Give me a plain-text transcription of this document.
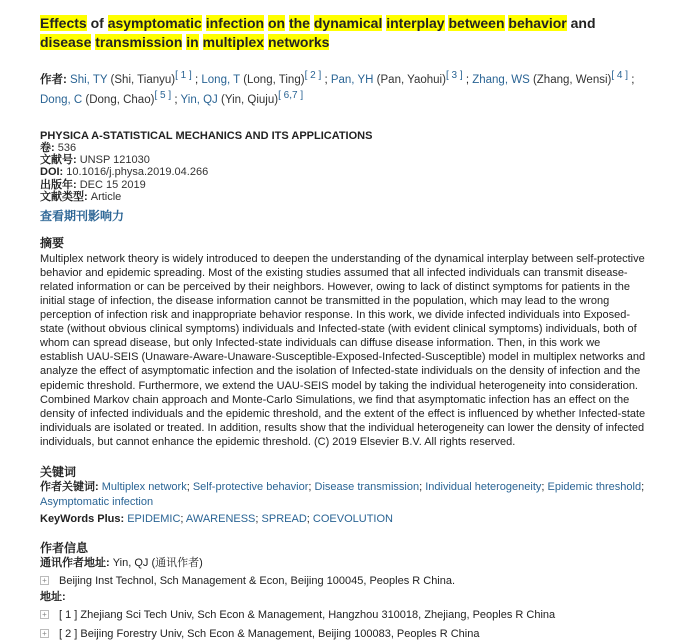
Effects of asymptomatic infection on the dynamical interplay between behavior and disease transmission in multiplex networks
作者: Shi, TY (Shi, Tianyu)[ 1 ] ; Long, T (Long, Ting)[ 2 ] ; Pan, YH (Pan, Yaohui)[ 3 ] ; Zhang, WS (Zhang, Wensi)[ 4 ] ; Dong, C (Dong, Chao)[ 5 ] ; Yin, QJ (Yin, Qiuju)[ 6,7 ]
PHYSICA A-STATISTICAL MECHANICS AND ITS APPLICATIONS
卷: 536
文献号: UNSP 121030
DOI: 10.1016/j.physa.2019.04.266
出版年: DEC 15 2019
文献类型: Article
查看期刊影响力
摘要

Multiplex network theory is widely introduced to deepen the understanding of the dynamical interplay between self-protective behavior and epidemic spreading. Most of the existing studies assumed that all infected individuals can transmit disease-related information or can be perceived by their neighbors. However, owing to lack of distinct symptoms for patients in the initial stage of infection, the disease information cannot be transmitted in the population, which may lead to the wrong perception of infection risk and inappropriate behavior response. In this work, we divide infected individuals into Exposed-state (without obvious clinical symptoms) individuals and Infected-state (with evident clinical symptoms) individuals, both of whom can spread disease, but only Infected-state individuals can diffuse disease information. Then, in this work we establish UAU-SEIS (Unaware-Aware-Unaware-Susceptible-Exposed-Infected-Susceptible) model in multiplex networks and analyze the effect of asymptomatic infection and the isolation of Infected-state individuals on the density of infection and the epidemic threshold. Furthermore, we extend the UAU-SEIS model by taking the individual heterogeneity into consideration. Combined Markov chain approach and Monte-Carlo Simulations, we find that asymptomatic infection has an effect on the density of infected individuals and the epidemic threshold, and the extent of the effect is influenced by whether Infected-state individuals are isolated or treated. In addition, results show that the individual heterogeneity can lower the density of infected individuals, but cannot enhance the epidemic threshold. (C) 2019 Elsevier B.V. All rights reserved.

关键词
作者关键词: Multiplex network; Self-protective behavior; Disease transmission; Individual heterogeneity; Epidemic threshold; Asymptomatic infection
KeyWords Plus: EPIDEMIC; AWARENESS; SPREAD; COEVOLUTION
作者信息
通讯作者地址: Yin, QJ (通讯作者)
+ Beijing Inst Technol, Sch Management & Econ, Beijing 100045, Peoples R China.
地址:
+ [ 1 ]
Zhejiang Sci Tech Univ, Sch Econ & Management, Hangzhou 310018, Zhejiang, Peoples R China
+ [ 2 ]
Beijing Forestry Univ, Sch Econ & Management, Beijing 100083, Peoples R China
